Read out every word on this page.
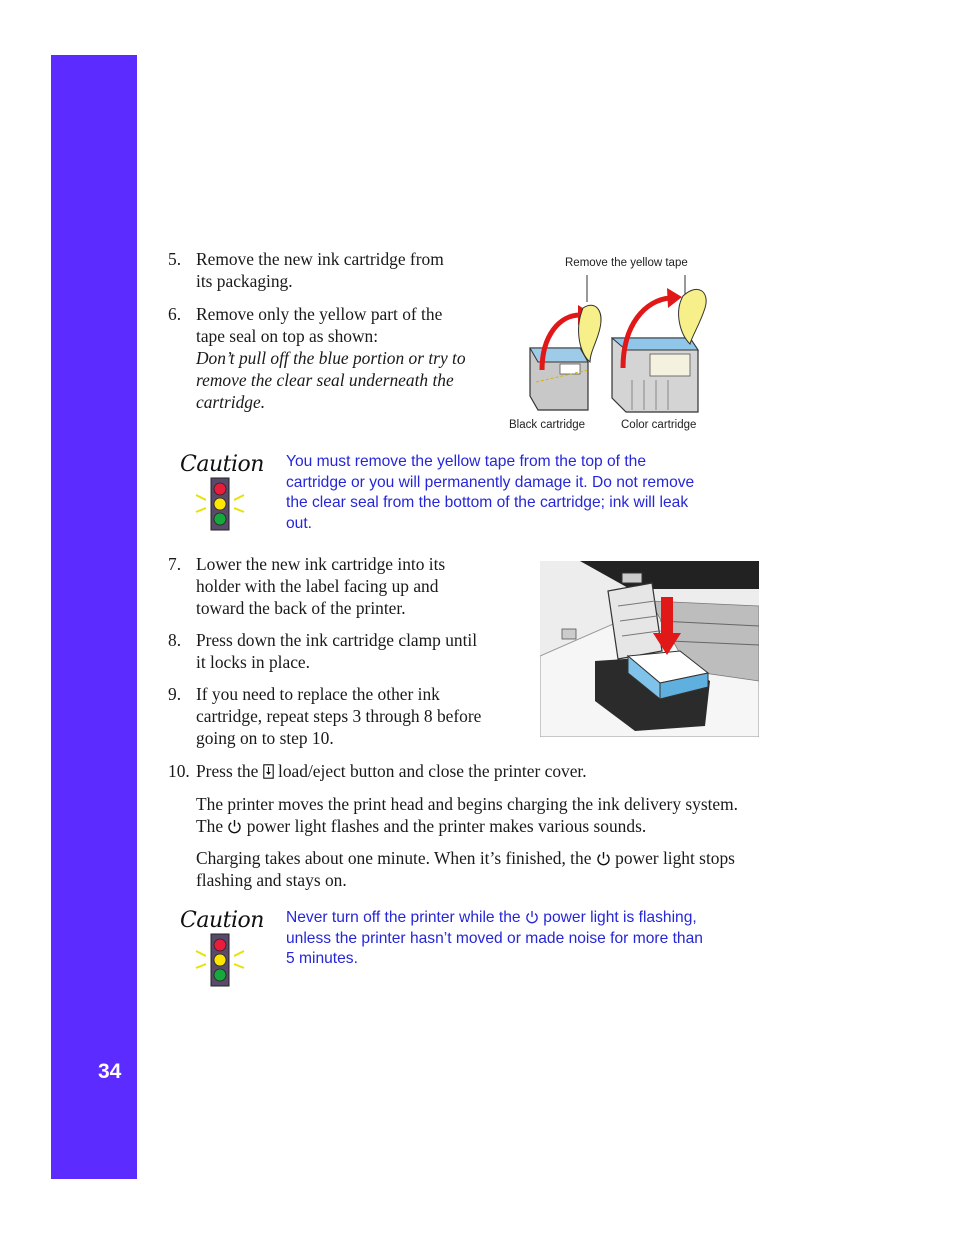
34
5. Remove the new ink cartridge from
its packaging.
6. Remove only the yellow part of the
tape seal on top as shown:
Don’t pull off the blue portion or try to
remove the clear seal underneath the
cartridge.
Remove the yellow tape
Black cartridge	Color cartridge
Caution You must remove the yellow tape from the top of the
cartridge or you will permanently damage it. Do not remove
the clear seal from the bottom of the cartridge; ink will leak
out.
7. Lower the new ink cartridge into its
holder with the label facing up and
toward the back of the printer.
8. Press down the ink cartridge clamp until
it locks in place.
9. If you need to replace the other ink
cartridge, repeat steps 3 through 8 before
going on to step 10.
10. Press the load/eject button and close the printer cover.
The printer moves the print head and begins charging the ink delivery system.
The power light flashes and the printer makes various sounds.
Charging takes about one minute. When it’s finished, the power light stops
flashing and stays on.
Caution Never turn off the printer while the power light is flashing,
unless the printer hasn’t moved or made noise for more than
5 minutes.
